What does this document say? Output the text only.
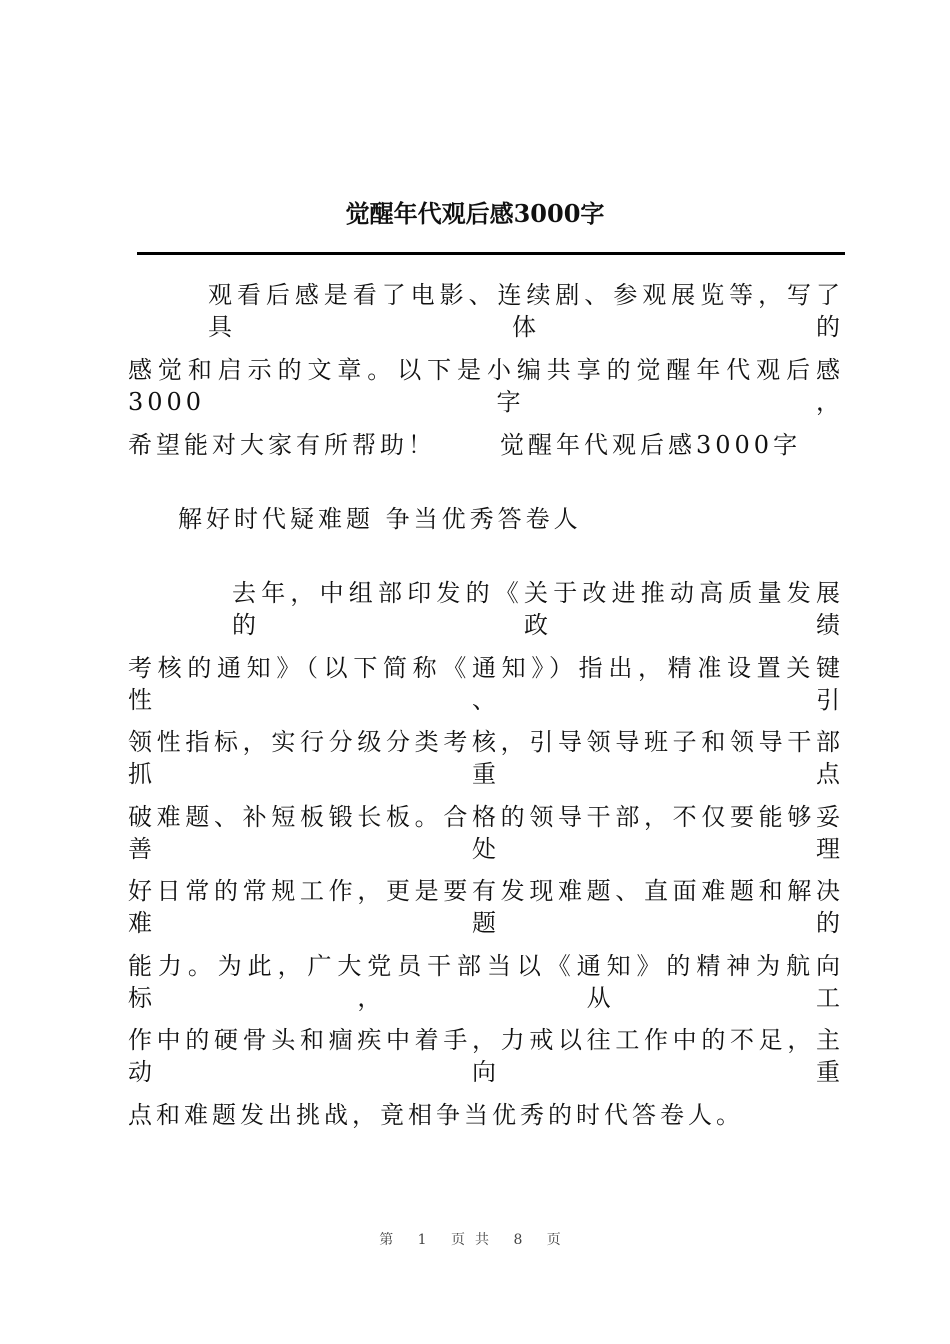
觉醒年代观后感3000字
观看后感是看了电影、连续剧、参观展览等，写了具体的
感觉和启示的文章。以下是小编共享的觉醒年代观后感3000字，
希望能对大家有所帮助！	觉醒年代观后感3000字
解好时代疑难题 争当优秀答卷人
去年，中组部印发的《关于改进推动高质量发展的政绩
考核的通知》（以下简称《通知》）指出，精准设置关键性、引
领性指标，实行分级分类考核，引导领导班子和领导干部抓重点
破难题、补短板锻长板。合格的领导干部，不仅要能够妥善处理
好日常的常规工作，更是要有发现难题、直面难题和解决难题的
能力。为此，广大党员干部当以《通知》的精神为航向标，从工
作中的硬骨头和痼疾中着手，力戒以往工作中的不足，主动向重
点和难题发出挑战，竟相争当优秀的时代答卷人。
第 1 页共 8 页
